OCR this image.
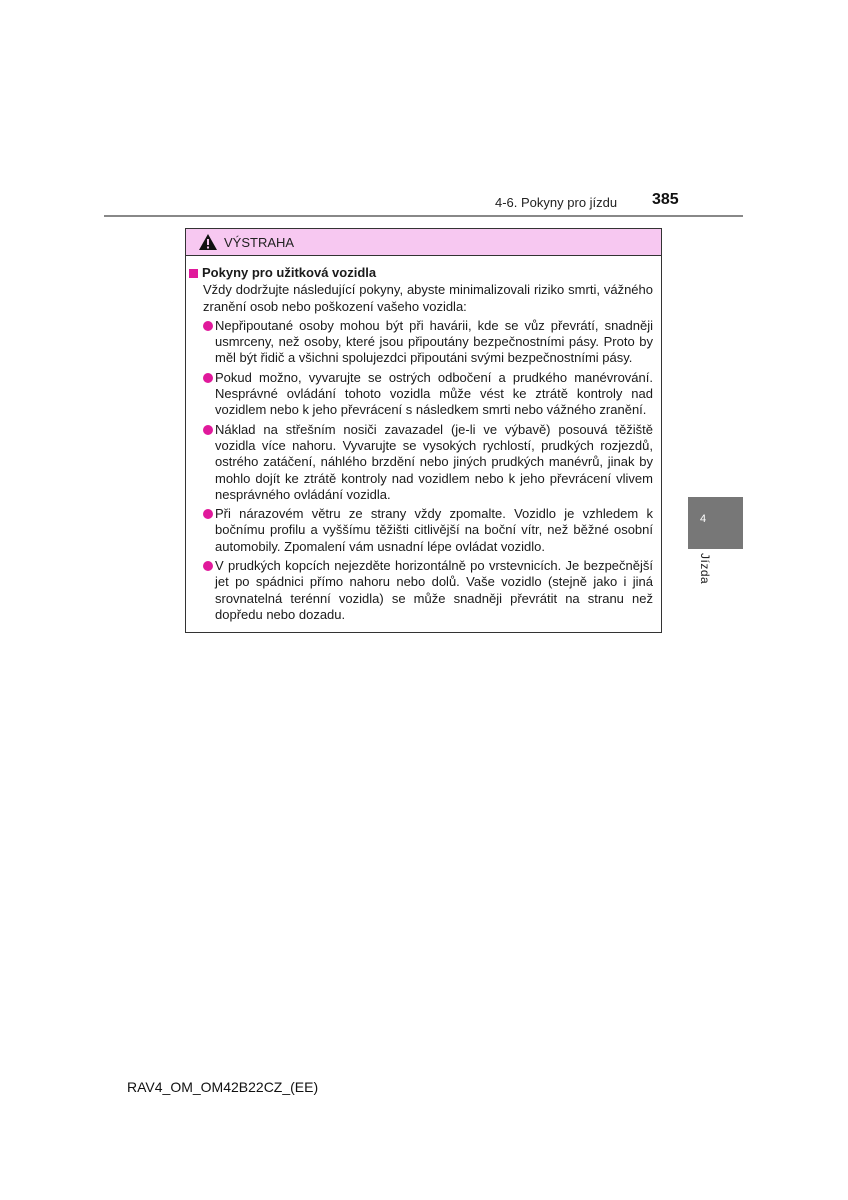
4-6. Pokyny pro jízdu 385
4
Jízda
VÝSTRAHA
Pokyny pro užitková vozidla
Vždy dodržujte následující pokyny, abyste minimalizovali riziko smrti, vážného zranění osob nebo poškození vašeho vozidla:
Nepřipoutané osoby mohou být při havárii, kde se vůz převrátí, snadněji usmrceny, než osoby, které jsou připoutány bezpečnostními pásy. Proto by měl být řidič a všichni spolujezdci připoutáni svými bezpečnostními pásy.
Pokud možno, vyvarujte se ostrých odbočení a prudkého manévrování. Nesprávné ovládání tohoto vozidla může vést ke ztrátě kontroly nad vozidlem nebo k jeho převrácení s následkem smrti nebo vážného zranění.
Náklad na střešním nosiči zavazadel (je-li ve výbavě) posouvá těžiště vozidla více nahoru. Vyvarujte se vysokých rychlostí, prudkých rozjezdů, ostrého zatáčení, náhlého brzdění nebo jiných prudkých manévrů, jinak by mohlo dojít ke ztrátě kontroly nad vozidlem nebo k jeho převrácení vlivem nesprávného ovládání vozidla.
Při nárazovém větru ze strany vždy zpomalte. Vozidlo je vzhledem k bočnímu profilu a vyššímu těžišti citlivější na boční vítr, než běžné osobní automobily. Zpomalení vám usnadní lépe ovládat vozidlo.
V prudkých kopcích nejezděte horizontálně po vrstevnicích. Je bezpečnější jet po spádnici přímo nahoru nebo dolů. Vaše vozidlo (stejně jako i jiná srovnatelná terénní vozidla) se může snadněji převrátit na stranu než dopředu nebo dozadu.
RAV4_OM_OM42B22CZ_(EE)
